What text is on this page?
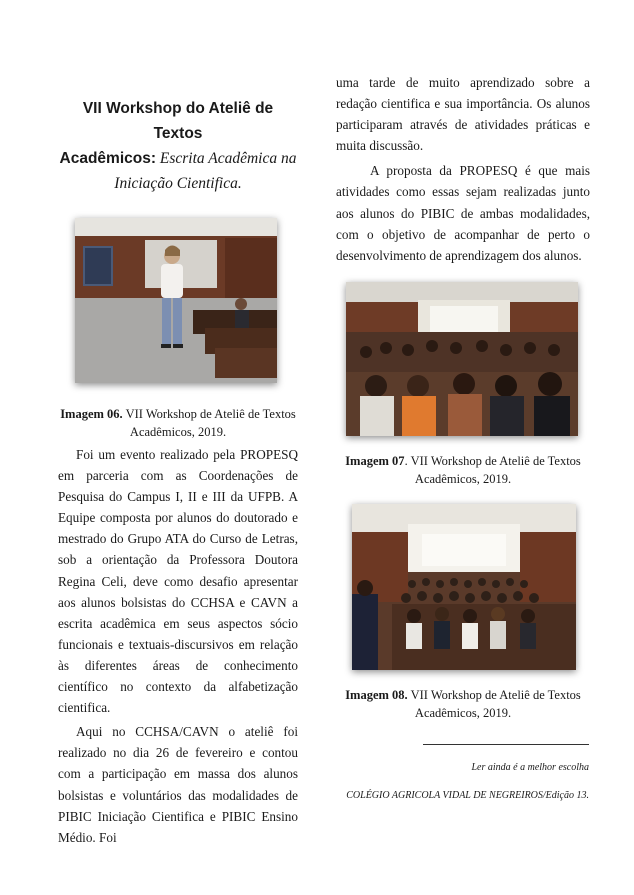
VII Workshop do Ateliê de Textos
Acadêmicos: Escrita Acadêmica na
Iniciação Cientifica.
Imagem 06. VII Workshop de Ateliê de Textos Acadêmicos, 2019.

Foi um evento realizado pela PROPESQ em parceria com as Coordenações de Pesquisa do Campus I, II e III da UFPB. A Equipe composta por alunos do doutorado e mestrado do Grupo ATA do Curso de Letras, sob a orientação da Professora Doutora Regina Celi, deve como desafio apresentar aos alunos bolsistas do CCHSA e CAVN a escrita acadêmica em seus aspectos sócio funcionais e textuais-discursivos em relação às diferentes áreas de conhecimento científico no contexto da alfabetização cientifica.

Aqui no CCHSA/CAVN o ateliê foi realizado no dia 26 de fevereiro e contou com a participação em massa dos alunos bolsistas e voluntários das modalidades de PIBIC Iniciação Cientifica e PIBIC Ensino Médio. Foi

uma tarde de muito aprendizado sobre a redação cientifica e sua importância. Os alunos participaram através de atividades práticas e muita discussão.

A proposta da PROPESQ é que mais atividades como essas sejam realizadas junto aos alunos do PIBIC de ambas modalidades, com o objetivo de acompanhar de perto o desenvolvimento de aprendizagem dos alunos.

Imagem 07. VII Workshop de Ateliê de Textos Acadêmicos, 2019.
Imagem 08. VII Workshop de Ateliê de Textos Acadêmicos, 2019.
Ler ainda é a melhor escolha
COLÉGIO AGRICOLA VIDAL DE NEGREIROS/Edição 13.
